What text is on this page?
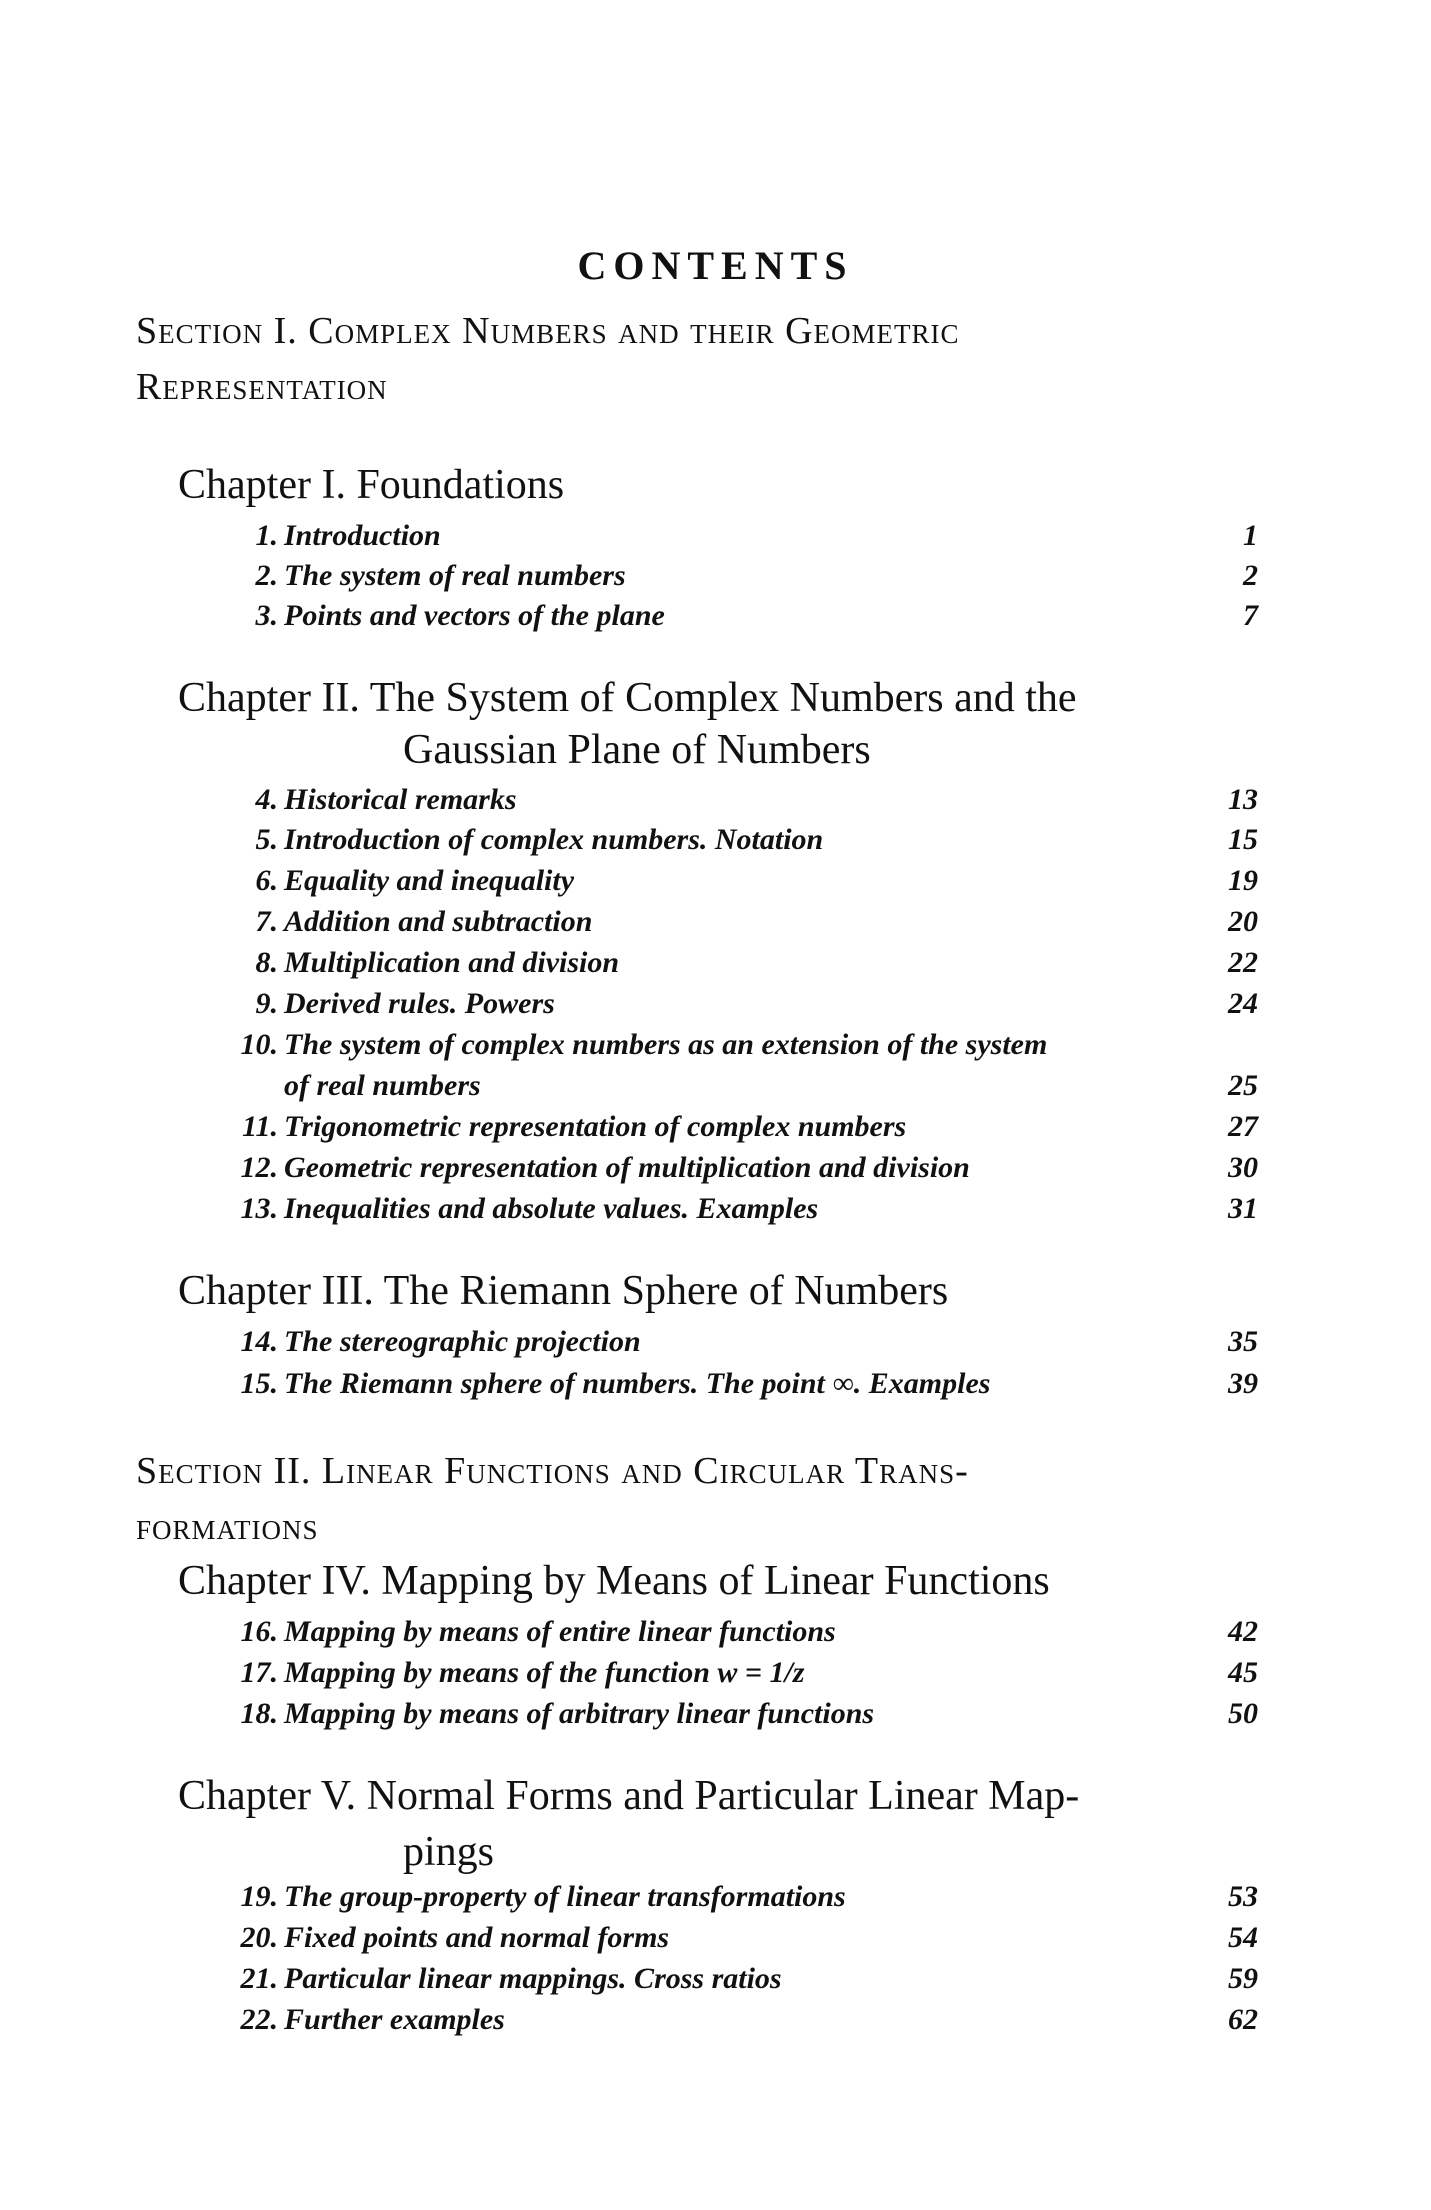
CONTENTS
Section I. Complex Numbers and their Geometric
Representation
Chapter I. Foundations
1. Introduction	1
2. The system of real numbers	2
3. Points and vectors of the plane	7
Chapter II. The System of Complex Numbers and the
Gaussian Plane of Numbers
4. Historical remarks	13
5. Introduction of complex numbers. Notation	15
6. Equality and inequality	19
7. Addition and subtraction	20
8. Multiplication and division	22
9. Derived rules. Powers	24
10. The system of complex numbers as an extension of the system
of real numbers	25
11. Trigonometric representation of complex numbers	27
12. Geometric representation of multiplication and division	30
13. Inequalities and absolute values. Examples	31
Chapter III. The Riemann Sphere of Numbers
14. The stereographic projection	35
15. The Riemann sphere of numbers. The point ∞. Examples	39
Section II. Linear Functions and Circular Trans-
formations
Chapter IV. Mapping by Means of Linear Functions
16. Mapping by means of entire linear functions	42
17. Mapping by means of the function w = 1/z	45
18. Mapping by means of arbitrary linear functions	50
Chapter V. Normal Forms and Particular Linear Map-
pings
19. The group-property of linear transformations	53
20. Fixed points and normal forms	54
21. Particular linear mappings. Cross ratios	59
22. Further examples	62
